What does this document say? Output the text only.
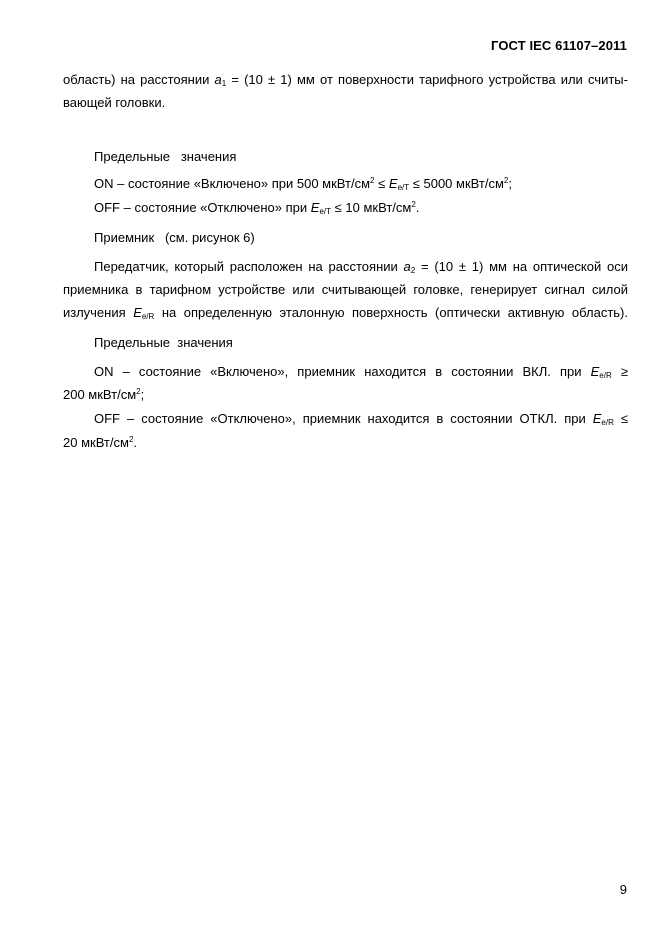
ГОСТ IEC 61107–2011
область) на расстоянии $a_1 = (10 \pm 1)$ мм от поверхности тарифного устройства или считы-
вающей головки.
Предельные   значения
ON – состояние «Включено» при 500 мкВт/$см^2 \le E_{e/T} \le 5000$ мкВт/$см^2$;
OFF – состояние «Отключено» при $E_{e/T} \le 10$ мкВт/$см^2$.
Приемник   (см. рисунок 6)
Передатчик, который расположен на расстоянии $a_2 = (10 \pm 1)$ мм на оптической оси
приемника в тарифном устройстве или считывающей головке, генерирует сигнал силой
излучения $E_{e/R}$ на определенную эталонную поверхность (оптически активную область).
Предельные  значения
ON – состояние «Включено», приемник находится в состоянии ВКЛ. при $E_{e/R}$ ≥
200 мкВт/$см^2$;
OFF – состояние «Отключено», приемник находится в состоянии ОТКЛ. при $E_{e/R}$ ≤
20 мкВт/$см^2$.
9
